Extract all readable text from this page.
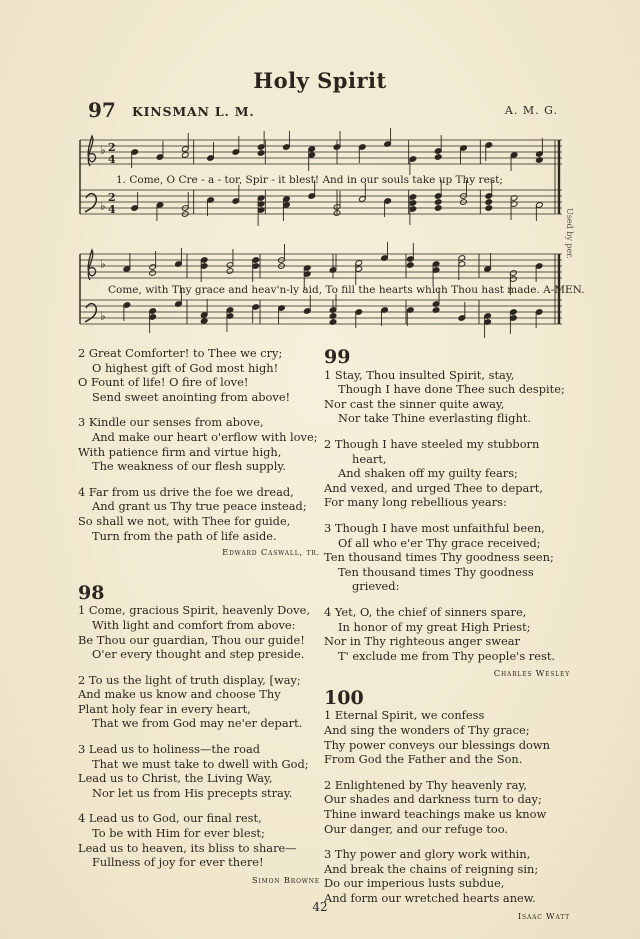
Holy Spirit
97 KINSMAN L. M.	A. M. G.
Used by per.
♭
♭
2
4
2
4
1. Come, O Cre - a - tor, Spir - it blest! And in our souls take up Thy rest;
♭
♭
Come, with Thy grace and heav'n-ly aid, To fill the hearts which Thou hast made. A-MEN.
2 Great Comforter! to Thee we cry;
O highest gift of God most high!
O Fount of life! O fire of love!
Send sweet anointing from above!
3 Kindle our senses from above,
And make our heart o'erflow with love;
With patience firm and virtue high,
The weakness of our flesh supply.
4 Far from us drive the foe we dread,
And grant us Thy true peace instead;
So shall we not, with Thee for guide,
Turn from the path of life aside.
Edward Caswall, tr.
98
1 Come, gracious Spirit, heavenly Dove,
With light and comfort from above:
Be Thou our guardian, Thou our guide!
O'er every thought and step preside.
2 To us the light of truth display, [way;
And make us know and choose Thy
Plant holy fear in every heart,
That we from God may ne'er depart.
3 Lead us to holiness—the road
That we must take to dwell with God;
Lead us to Christ, the Living Way,
Nor let us from His precepts stray.
4 Lead us to God, our final rest,
To be with Him for ever blest;
Lead us to heaven, its bliss to share—
Fullness of joy for ever there!
Simon Browne
99
1 Stay, Thou insulted Spirit, stay,
Though I have done Thee such despite;
Nor cast the sinner quite away,
Nor take Thine everlasting flight.
2 Though I have steeled my stubborn
heart,
And shaken off my guilty fears;
And vexed, and urged Thee to depart,
For many long rebellious years:
3 Though I have most unfaithful been,
Of all who e'er Thy grace received;
Ten thousand times Thy goodness seen;
Ten thousand times Thy goodness
grieved:
4 Yet, O, the chief of sinners spare,
In honor of my great High Priest;
Nor in Thy righteous anger swear
T' exclude me from Thy people's rest.
Charles Wesley
100
1 Eternal Spirit, we confess
And sing the wonders of Thy grace;
Thy power conveys our blessings down
From God the Father and the Son.
2 Enlightened by Thy heavenly ray,
Our shades and darkness turn to day;
Thine inward teachings make us know
Our danger, and our refuge too.
3 Thy power and glory work within,
And break the chains of reigning sin;
Do our imperious lusts subdue,
And form our wretched hearts anew.
Isaac Watt
42
